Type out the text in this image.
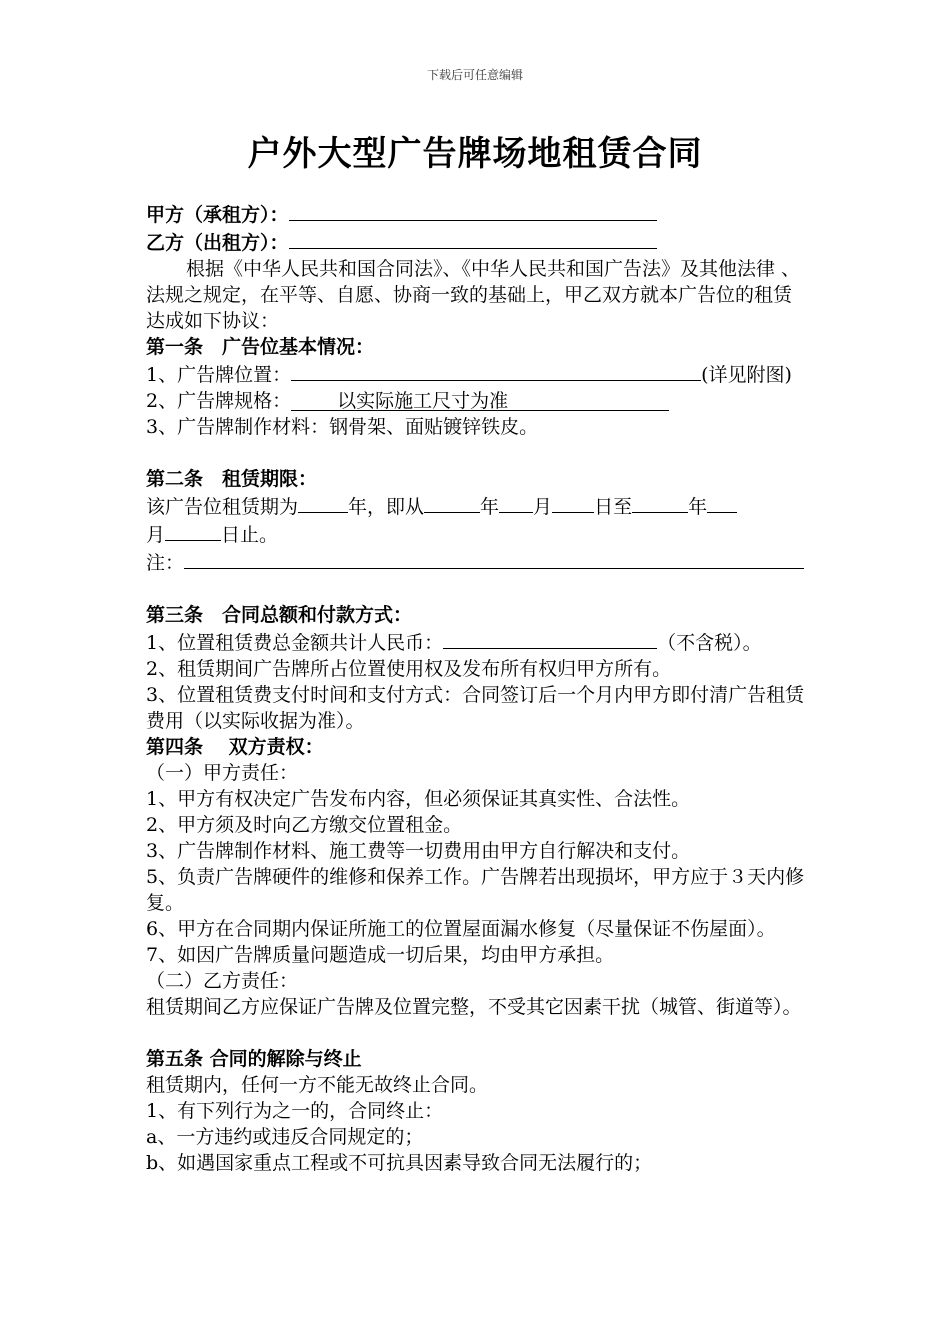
下载后可任意编辑
户外大型广告牌场地租赁合同
甲方（承租方）：
乙方（出租方）：
根据《中华人民共和国合同法》、《中华人民共和国广告法》及其他法律 、法规之规定，在平等、自愿、协商一致的基础上，甲乙双方就本广告位的租赁达成如下协议：
第一条　广告位基本情况：
1、广告牌位置：	(详见附图)
2、广告牌规格： 以实际施工尺寸为准
3、广告牌制作材料：钢骨架、面贴镀锌铁皮。
第二条　租赁期限：
该广告位租赁期为	年，即从	年 月 日至	年
月	日止。
注：
第三条　合同总额和付款方式：
1、位置租赁费总金额共计人民币：	（不含税）。
2、租赁期间广告牌所占位置使用权及发布所有权归甲方所有。
3、位置租赁费支付时间和支付方式：合同签订后一个月内甲方即付清广告租赁费用（以实际收据为准）。
第四条　 双方责权：
（一）甲方责任：
1、甲方有权决定广告发布内容，但必须保证其真实性、合法性。
2、甲方须及时向乙方缴交位置租金。
3、广告牌制作材料、施工费等一切费用由甲方自行解决和支付。
5、负责广告牌硬件的维修和保养工作。广告牌若出现损坏，甲方应于３天内修复。
6、甲方在合同期内保证所施工的位置屋面漏水修复（尽量保证不伤屋面）。
7、如因广告牌质量问题造成一切后果，均由甲方承担。
（二）乙方责任：
租赁期间乙方应保证广告牌及位置完整，不受其它因素干扰（城管、街道等）。
第五条 合同的解除与终止
租赁期内，任何一方不能无故终止合同。
1、有下列行为之一的，合同终止：
a、一方违约或违反合同规定的；
b、如遇国家重点工程或不可抗具因素导致合同无法履行的；
